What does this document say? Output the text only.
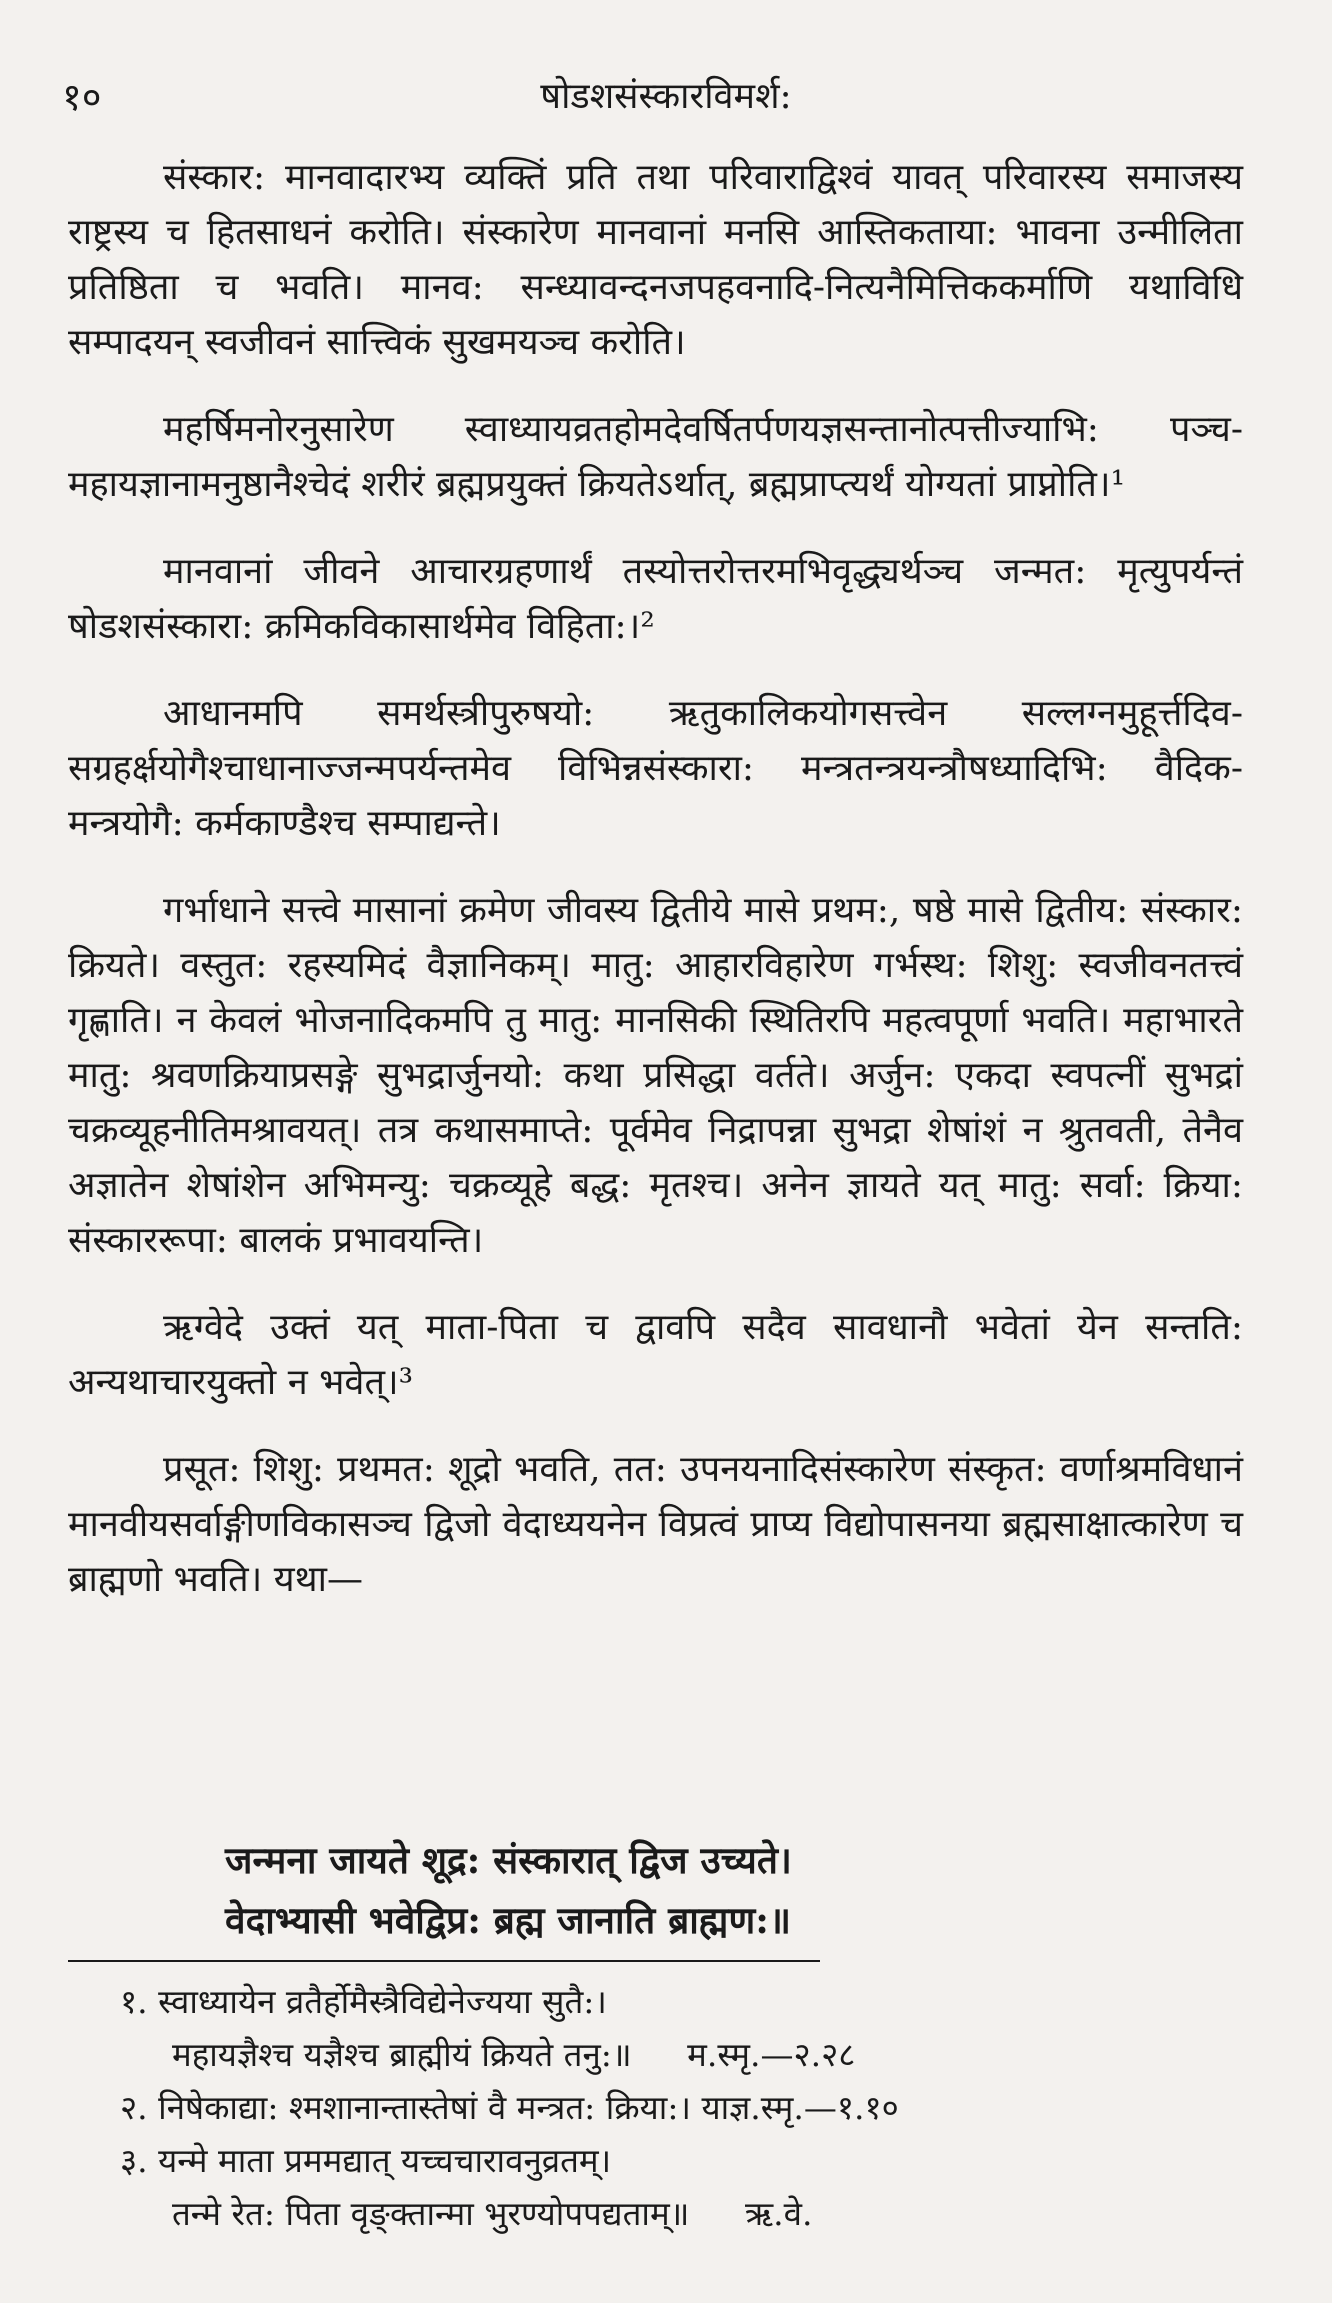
१०	षोडशसंस्कारविमर्श:

संस्कार: मानवादारभ्य व्यक्तिं प्रति तथा परिवाराद्विश्वं यावत् परिवारस्य समाजस्य राष्ट्रस्य च हितसाधनं करोति। संस्कारेण मानवानां मनसि आस्तिकताया: भावना उन्मीलिता प्रतिष्ठिता च भवति। मानव: सन्ध्यावन्दनजपहवनादि-नित्यनैमित्तिककर्माणि यथाविधि सम्पादयन् स्वजीवनं सात्त्विकं सुखमयञ्च करोति।

महर्षिमनोरनुसारेण स्वाध्यायव्रतहोमदेवर्षितर्पणयज्ञसन्तानोत्पत्तीज्याभि: पञ्च-महायज्ञानामनुष्ठानैश्चेदं शरीरं ब्रह्मप्रयुक्तं क्रियतेऽर्थात्, ब्रह्मप्राप्त्यर्थं योग्यतां प्राप्नोति।¹

मानवानां जीवने आचारग्रहणार्थं तस्योत्तरोत्तरमभिवृद्ध्यर्थञ्च जन्मत: मृत्युपर्यन्तं षोडशसंस्कारा: क्रमिकविकासार्थमेव विहिता:।²

आधानमपि समर्थस्त्रीपुरुषयो: ऋतुकालिकयोगसत्त्वेन सल्लग्नमुहूर्त्तदिव-सग्रहर्क्षयोगैश्चाधानाज्जन्मपर्यन्तमेव विभिन्नसंस्कारा: मन्त्रतन्त्रयन्त्रौषध्यादिभि: वैदिक-मन्त्रयोगै: कर्मकाण्डैश्च सम्पाद्यन्ते।

गर्भाधाने सत्त्वे मासानां क्रमेण जीवस्य द्वितीये मासे प्रथम:, षष्ठे मासे द्वितीय: संस्कार: क्रियते। वस्तुत: रहस्यमिदं वैज्ञानिकम्। मातु: आहारविहारेण गर्भस्थ: शिशु: स्वजीवनतत्त्वं गृह्णाति। न केवलं भोजनादिकमपि तु मातु: मानसिकी स्थितिरपि महत्वपूर्णा भवति। महाभारते मातु: श्रवणक्रियाप्रसङ्गे सुभद्रार्जुनयो: कथा प्रसिद्धा वर्तते। अर्जुन: एकदा स्वपत्नीं सुभद्रां चक्रव्यूहनीतिमश्रावयत्। तत्र कथासमाप्ते: पूर्वमेव निद्रापन्ना सुभद्रा शेषांशं न श्रुतवती, तेनैव अज्ञातेन शेषांशेन अभिमन्यु: चक्रव्यूहे बद्ध: मृतश्च। अनेन ज्ञायते यत् मातु: सर्वा: क्रिया: संस्काररूपा: बालकं प्रभावयन्ति।

ऋग्वेदे उक्तं यत् माता-पिता च द्वावपि सदैव सावधानौ भवेतां येन सन्तति: अन्यथाचारयुक्तो न भवेत्।³

प्रसूत: शिशु: प्रथमत: शूद्रो भवति, तत: उपनयनादिसंस्कारेण संस्कृत: वर्णाश्रमविधानं मानवीयसर्वाङ्गीणविकासञ्च द्विजो वेदाध्ययनेन विप्रत्वं प्राप्य विद्योपासनया ब्रह्मसाक्षात्कारेण च ब्राह्मणो भवति। यथा—

जन्मना जायते शूद्र: संस्कारात् द्विज उच्यते।
वेदाभ्यासी भवेद्विप्र: ब्रह्म जानाति ब्राह्मण:॥
१. स्वाध्यायेन व्रतैर्होमैस्त्रैविद्येनेज्यया सुतै:।
महायज्ञैश्च यज्ञैश्च ब्राह्मीयं क्रियते तनु:॥ म.स्मृ.—२.२८
२. निषेकाद्या: श्मशानान्तास्तेषां वै मन्त्रत: क्रिया:। याज्ञ.स्मृ.—१.१०
३. यन्मे माता प्रममद्यात् यच्चचारावनुव्रतम्।
तन्मे रेत: पिता वृङ्क्तान्मा भुरण्योपपद्यताम्॥ ऋ.वे.
